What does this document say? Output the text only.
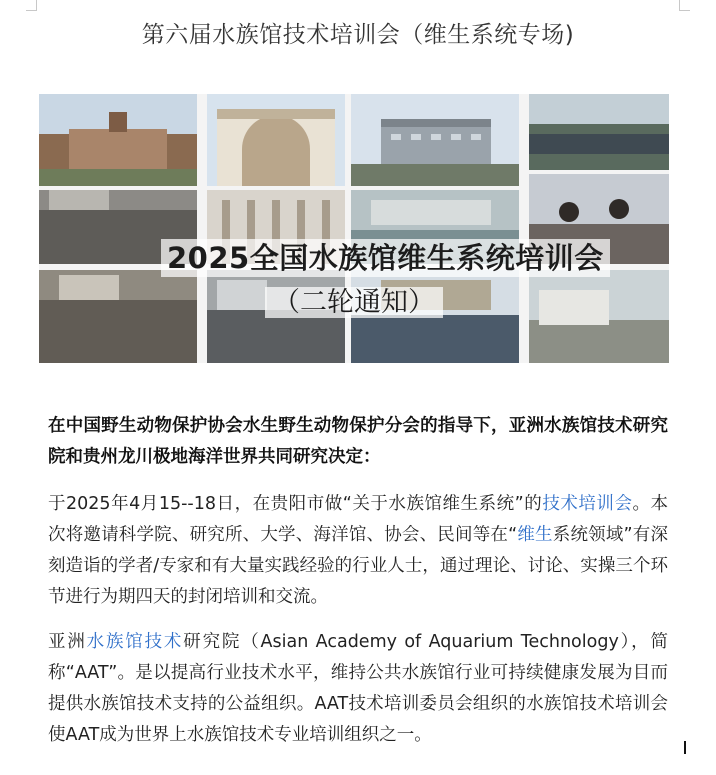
第六届水族馆技术培训会（维生系统专场)
2025全国水族馆维生系统培训会
（二轮通知）
在中国野生动物保护协会水生野生动物保护分会的指导下，亚洲水族馆技术研究院和贵州龙川极地海洋世界共同研究决定：
于2025年4月15--18日，在贵阳市做“关于水族馆维生系统”的技术培训会。本次将邀请科学院、研究所、大学、海洋馆、协会、民间等在“维生系统领域”有深刻造诣的学者/专家和有大量实践经验的行业人士，通过理论、讨论、实操三个环节进行为期四天的封闭培训和交流。
亚洲水族馆技术研究院（Asian Academy of Aquarium Technology），简称“AAT”。是以提高行业技术水平，维持公共水族馆行业可持续健康发展为目而提供水族馆技术支持的公益组织。AAT技术培训委员会组织的水族馆技术培训会使AAT成为世界上水族馆技术专业培训组织之一。
